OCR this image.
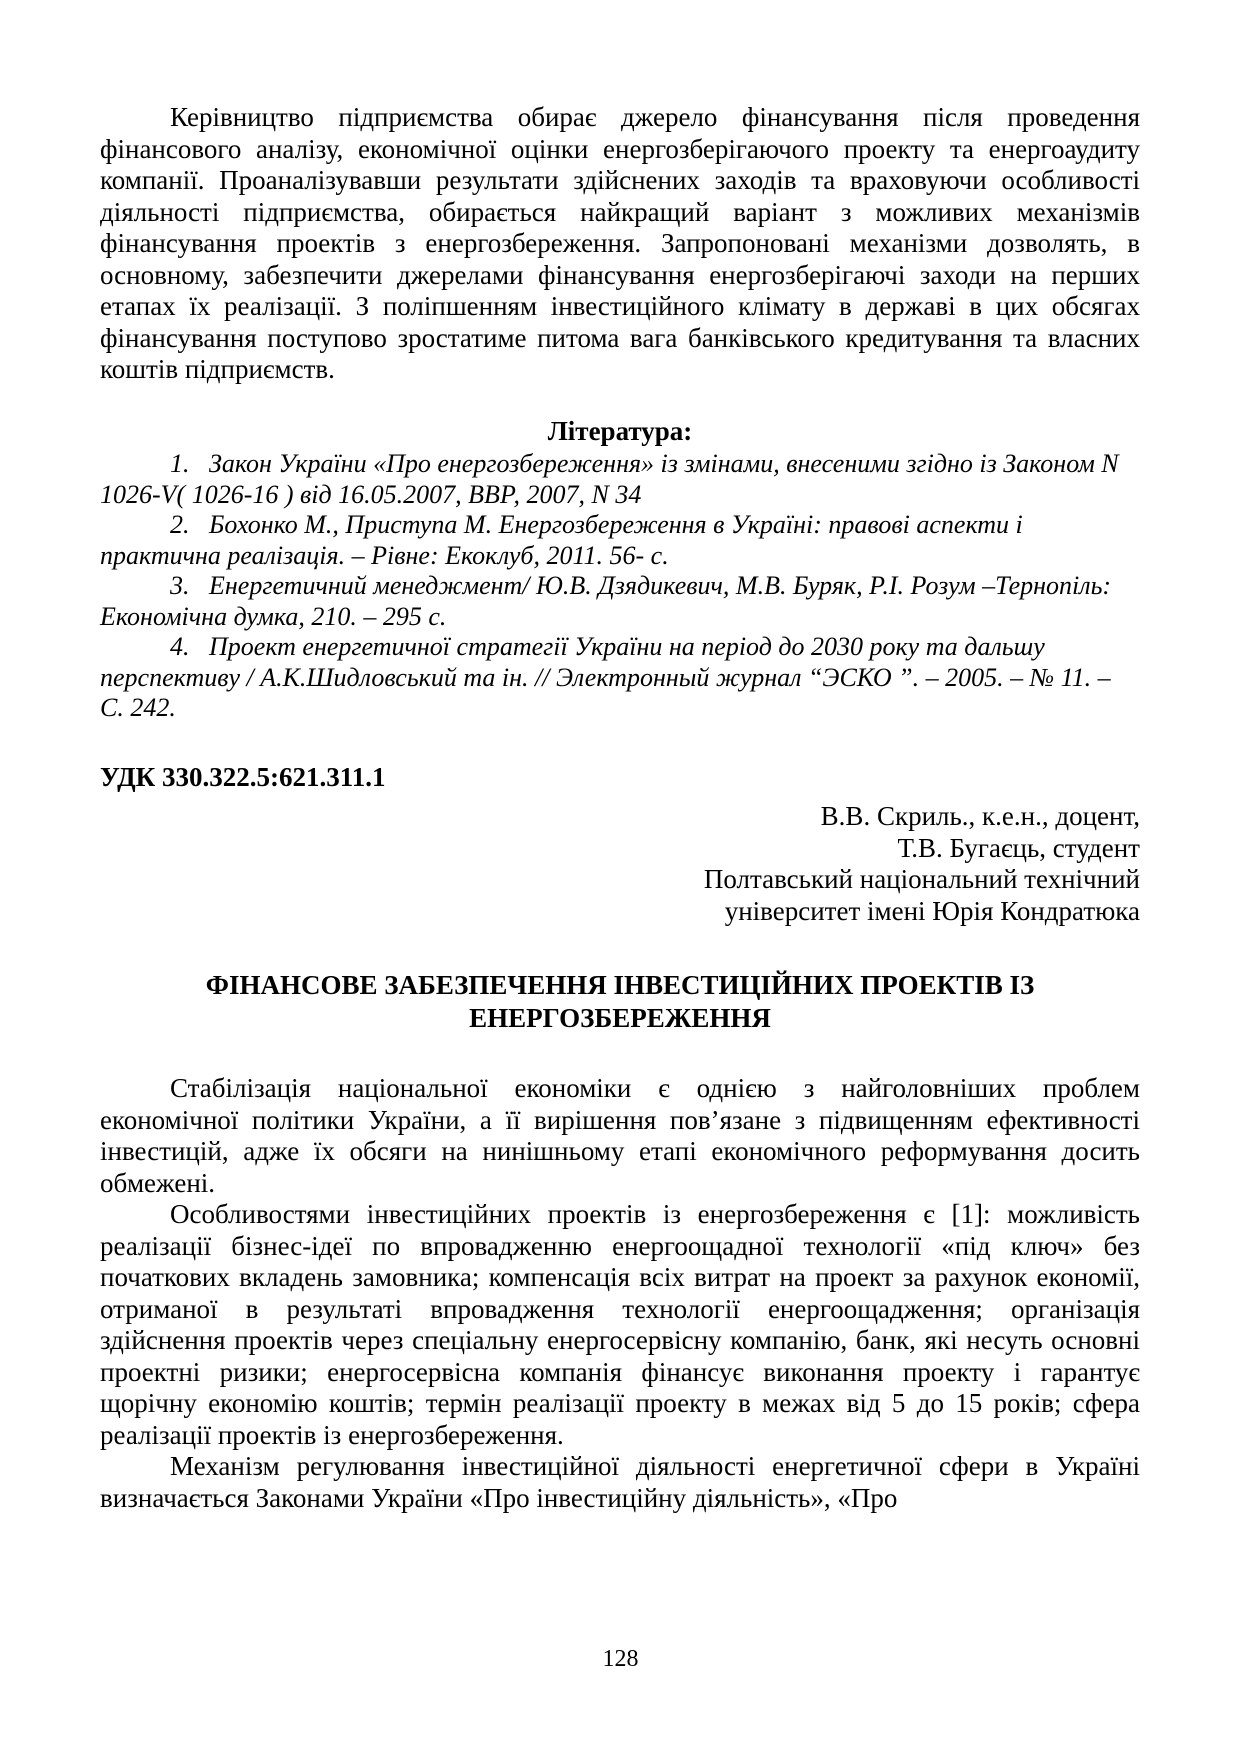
Керівництво підприємства обирає джерело фінансування після проведення фінансового аналізу, економічної оцінки енергозберігаючого проекту та енергоаудиту компанії. Проаналізувавши результати здійснених заходів та враховуючи особливості діяльності підприємства, обирається найкращий варіант з можливих механізмів фінансування проектів з енергозбереження. Запропоновані механізми дозволять, в основному, забезпечити джерелами фінансування енергозберігаючі заходи на перших етапах їх реалізації. З поліпшенням інвестиційного клімату в державі в цих обсягах фінансування поступово зростатиме питома вага банківського кредитування та власних коштів підприємств.

Література:

1.   Закон України «Про енергозбереження» із змінами, внесеними згідно із Законом N 1026-V( 1026-16 ) від 16.05.2007, ВВР, 2007, N 34

2.   Бохонко М., Приступа М. Енергозбереження в Україні: правові аспекти і практична реалізація. – Рівне: Екоклуб, 2011. 56- с.

3.   Енергетичний менеджмент/ Ю.В. Дзядикевич, М.В. Буряк, Р.І. Розум –Тернопіль: Економічна думка, 210. – 295 с.

4.   Проект енергетичної стратегії України на період до 2030 року та дальшу перспективу / А.К.Шидловський та ін. // Электронный журнал “ЭСКО ”. – 2005. – № 11. – С. 242.

УДК 330.322.5:621.311.1
В.В. Скриль., к.е.н., доцент,
Т.В. Бугаєць, студент
Полтавський національний технічний
університет імені Юрія Кондратюка
ФІНАНСОВЕ ЗАБЕЗПЕЧЕННЯ ІНВЕСТИЦІЙНИХ ПРОЕКТІВ ІЗ ЕНЕРГОЗБЕРЕЖЕННЯ

Стабілізація національної економіки є однією з найголовніших проблем економічної політики України, а її вирішення пов’язане з підвищенням ефективності інвестицій, адже їх обсяги на нинішньому етапі економічного реформування досить обмежені.

Особливостями інвестиційних проектів із енергозбереження є [1]: можливість реалізації бізнес-ідеї по впровадженню енергоощадної технології «під ключ» без початкових вкладень замовника; компенсація всіх витрат на проект за рахунок економії, отриманої в результаті впровадження технології енергоощадження; організація здійснення проектів через спеціальну енергосервісну компанію, банк, які несуть основні проектні ризики; енергосервісна компанія фінансує виконання проекту і гарантує щорічну економію коштів; термін реалізації проекту в межах від 5 до 15 років; сфера реалізації проектів із енергозбереження.

Механізм регулювання інвестиційної діяльності енергетичної сфери в Україні визначається Законами України «Про інвестиційну діяльність», «Про

128
